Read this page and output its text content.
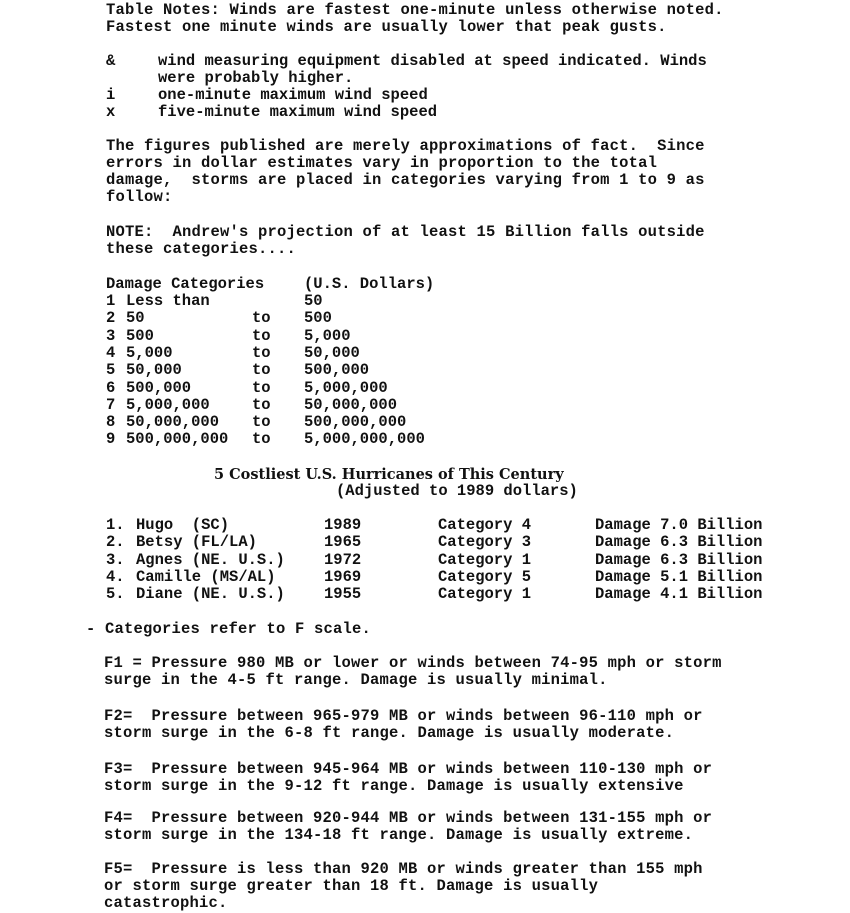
Table Notes: Winds are fastest one-minute unless otherwise noted.
Fastest one minute winds are usually lower that peak gusts.
&	wind measuring equipment disabled at speed indicated. Winds
were probably higher.
i	one-minute maximum wind speed
x	five-minute maximum wind speed
The figures published are merely approximations of fact.  Since
errors in dollar estimates vary in proportion to the total
damage,  storms are placed in categories varying from 1 to 9 as
follow:
NOTE:  Andrew's projection of at least 15 Billion falls outside
these categories....
Damage Categories	(U.S. Dollars)
1 Less than	50
2 50	to 500
3 500	to 5,000
4 5,000	to 50,000
5 50,000	to 500,000
6 500,000	to 5,000,000
7 5,000,000	to 50,000,000
8 50,000,000 to 500,000,000
9 500,000,000 to 5,000,000,000
5 Costliest U.S. Hurricanes of This Century
(Adjusted to 1989 dollars)
1. Hugo  (SC)	1989	Category 4	Damage 7.0 Billion
2. Betsy (FL/LA)	1965	Category 3	Damage 6.3 Billion
3. Agnes (NE. U.S.)	1972	Category 1	Damage 6.3 Billion
4. Camille (MS/AL)	1969	Category 5	Damage 5.1 Billion
5. Diane (NE. U.S.)	1955	Category 1	Damage 4.1 Billion
- Categories refer to F scale.
F1 = Pressure 980 MB or lower or winds between 74-95 mph or storm
surge in the 4-5 ft range. Damage is usually minimal.
F2=  Pressure between 965-979 MB or winds between 96-110 mph or
storm surge in the 6-8 ft range. Damage is usually moderate.
F3=  Pressure between 945-964 MB or winds between 110-130 mph or
storm surge in the 9-12 ft range. Damage is usually extensive
F4=  Pressure between 920-944 MB or winds between 131-155 mph or
storm surge in the 134-18 ft range. Damage is usually extreme.
F5=  Pressure is less than 920 MB or winds greater than 155 mph
or storm surge greater than 18 ft. Damage is usually
catastrophic.
